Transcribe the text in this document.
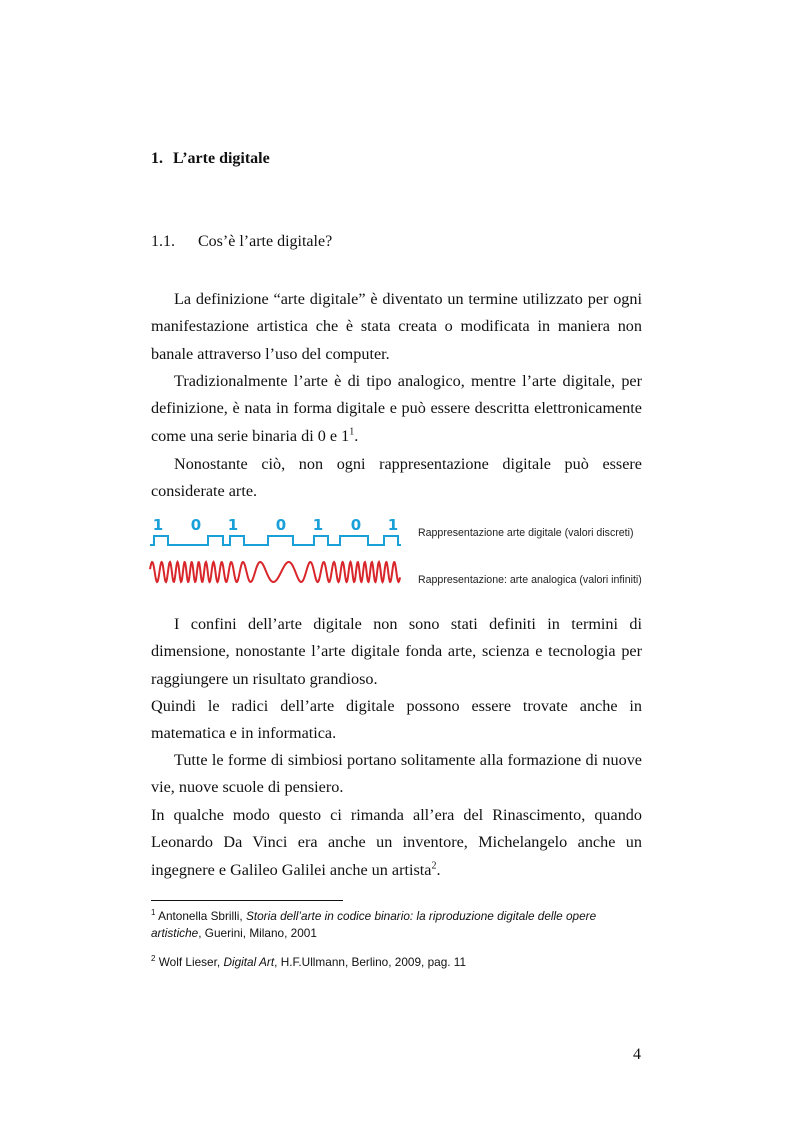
1. L’arte digitale
1.1. Cos’è l’arte digitale?

La definizione “arte digitale” è diventato un termine utilizzato per ogni manifestazione artistica che è stata creata o modificata in maniera non banale attraverso l’uso del computer.

Tradizionalmente l’arte è di tipo analogico, mentre l’arte digitale, per definizione, è nata in forma digitale e può essere descritta elettronicamente come una serie binaria di 0 e $1^1$.

Nonostante ciò, non ogni rappresentazione digitale può essere considerate arte.

1 0 1	0 1 0 1 Rappresentazione arte digitale (valori discreti)
Rappresentazione: arte analogica (valori infiniti)

I confini dell’arte digitale non sono stati definiti in termini di dimensione, nonostante l’arte digitale fonda arte, scienza e tecnologia per raggiungere un risultato grandioso.

Quindi le radici dell’arte digitale possono essere trovate anche in matematica e in informatica.

Tutte le forme di simbiosi portano solitamente alla formazione di nuove vie, nuove scuole di pensiero.

In qualche modo questo ci rimanda all’era del Rinascimento, quando Leonardo Da Vinci era anche un inventore, Michelangelo anche un ingegnere e Galileo Galilei anche un artista$^2$.

$^1$ Antonella Sbrilli, Storia dell’arte in codice binario: la riproduzione digitale delle opere artistiche, Guerini, Milano, 2001
$^2$ Wolf Lieser, Digital Art, H.F.Ullmann, Berlino, 2009, pag. 11
4
